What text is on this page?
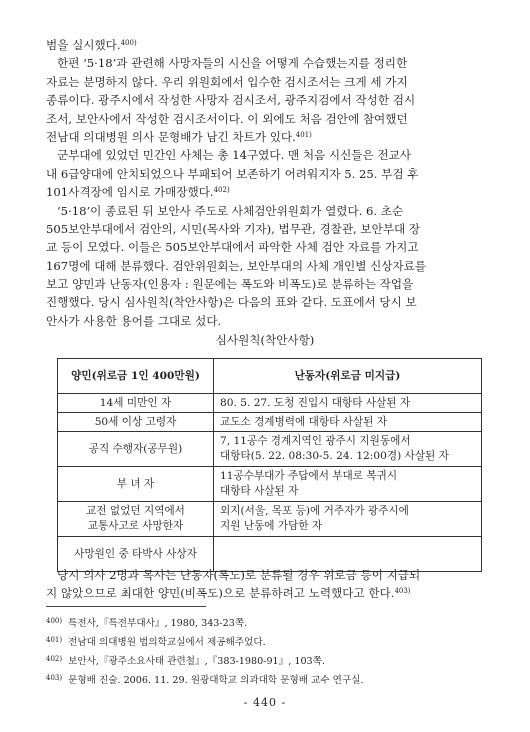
범을 실시했다.$^{400)}$
한편 ‘5·18’과 관련해 사망자들의 시신을 어떻게 수습했는지를 정리한
자료는 분명하지 않다. 우리 위원회에서 입수한 검시조서는 크게 세 가지
종류이다. 광주시에서 작성한 사망자 검시조서, 광주지검에서 작성한 검시
조서, 보안사에서 작성한 검시조서이다. 이 외에도 처음 검안에 참여했던
전남대 의대병원 의사 문형배가 남긴 차트가 있다.$^{401)}$
군부대에 있었던 민간인 사체는 총 14구였다. 맨 처음 시신들은 전교사
내 6급양대에 안치되었으나 부패되어 보존하기 어려워지자 5. 25. 부검 후
101사격장에 임시로 가매장했다.$^{402)}$
‘5·18’이 종료된 뒤 보안사 주도로 사체검안위원회가 열렸다. 6. 초순
505보안부대에서 검안의, 시민(목사와 기자), 법무관, 경찰관, 보안부대 장
교 등이 모였다. 이들은 505보안부대에서 파악한 사체 검안 자료를 가지고
167명에 대해 분류했다. 검안위원회는, 보안부대의 사체 개인별 신상자료를
보고 양민과 난동자(인용자 : 원문에는 폭도와 비폭도)로 분류하는 작업을
진행했다. 당시 심사원칙(착안사항)은 다음의 표와 같다. 도표에서 당시 보
안사가 사용한 용어를 그대로 섰다.
심사원칙(착안사항)
양민(위로금 1인 400만원)	난동자(위로금 미지급)
14세 미만인 자	80. 5. 27. 도청 진입시 대항타 사살된 자
50세 이상 고령자	교도소 경계병력에 대항타 사살된 자
공직 수행자(공무원)	7, 11공수 경계지역인 광주시 지원동에서
대항타(5. 22. 08:30-5. 24. 12:00경) 사살된 자
부 녀 자	11공수부대가 주답에서 부대로 복귀시
대항타 사살된 자
교전 없었던 지역에서
교통사고로 사망한자	외지(서울, 목포 등)에 거주자가 광주시에
지원 난동에 가담한 자
사망원인 중 타박사 사상자	
당시 의사 2명과 목사는 난동자(폭도)로 분류될 경우 위로금 등이 지급되
지 않았으므로 최대한 양민(비폭도)으로 분류하려고 노력했다고 한다.$^{403)}$
$^{400)}$ 특전사,『특전부대사』, 1980, 343-23쪽.
$^{401)}$ 전남대 의대병원 법의학교실에서 제공해주었다.
$^{402)}$ 보안사,『광주소요사태 관련철』,『383-1980-91』, 103쪽.
$^{403)}$ 문형배 진술. 2006. 11. 29. 원광대학교 의과대학 문형배 교수 연구실.
- 440 -
